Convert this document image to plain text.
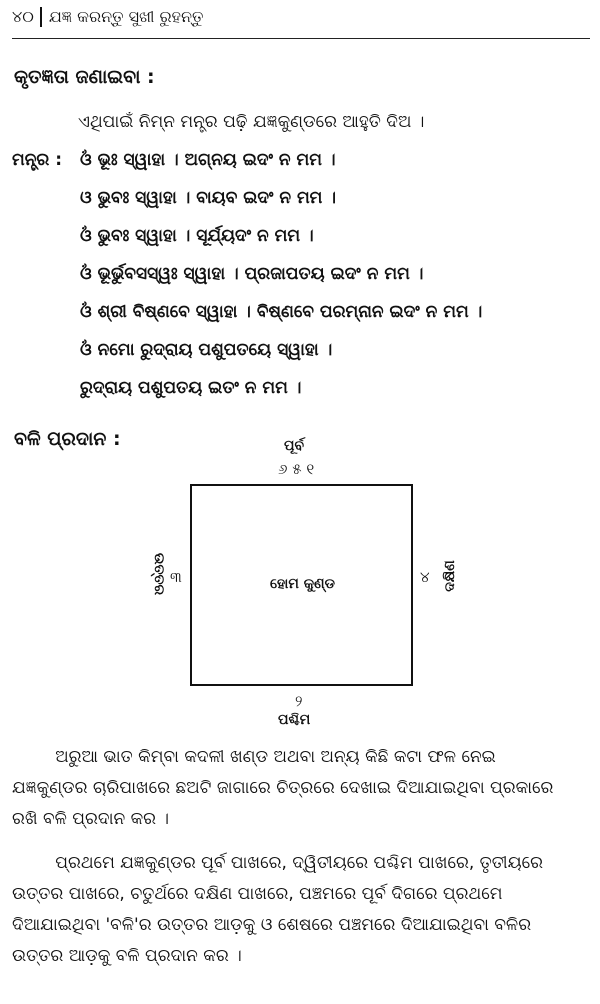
୪୦ ଯଜ୍ଞ କରନ୍ତୁ ସୁଖୀ ରୁହନ୍ତୁ
କୃତଜ୍ଞତା ଜଣାଇବା :
ଏଥିପାଇଁ ନିମ୍ନ ମନ୍ତ୍ର ପଢ଼ି ଯଜ୍ଞକୁଣ୍ଡରେ ଆହୁତି ଦିଅ ।
ମନ୍ତ୍ର : ଓଁ ଭୂଃ ସ୍ୱାହା । ଅଗ୍ନୟ ଇଦଂ ନ ମମ ।
ଓ ଭୁବଃ ସ୍ୱାହା । ବାୟବ ଇଦଂ ନ ମମ ।
ଓଁ ଭୁବଃ ସ୍ୱାହା । ସୂର୍ଯ୍ୟଦଂ ନ ମମ ।
ଓଁ ଭୂର୍ଭୁବସସ୍ୱଃ ସ୍ୱାହା । ପ୍ରଜାପତୟ ଇଦଂ ନ ମମ ।
ଓଁ ଶ୍ରୀ ବିଷ୍ଣବେ ସ୍ୱାହା । ବିଷ୍ଣବେ ପରମ୍ନାନ ଇଦଂ ନ ମମ ।
ଓଁ ନମୋ ରୁଦ୍ରାୟ ପଶୁପତୟେ ସ୍ୱାହା ।
ରୁଦ୍ରାୟ ପଶୁପତୟ ଇତଂ ନ ମମ ।
ବଳି ପ୍ରଦାନ :	ପୂର୍ବ
୬ ୫ ୧
ହୋମ କୁଣ୍ଡ
ଉତ୍ତର ୩	୪ ଦକ୍ଷିଣ
୨
ପଶ୍ଚିମ
ଅରୁଆ ଭାତ କିମ୍ବା କଦଳୀ ଖଣ୍ଡ ଅଥବା ଅନ୍ୟ କିଛି କଟା ଫଳ ନେଇ
ଯଜ୍ଞକୁଣ୍ଡର ଚାରିପାଖରେ ଛଅଟି ଜାଗାରେ ଚିତ୍ରରେ ଦେଖାଇ ଦିଆଯାଇଥିବା ପ୍ରକାରେ
ରଖି ବଳି ପ୍ରଦାନ କର ।
ପ୍ରଥମେ ଯଜ୍ଞକୁଣ୍ଡର ପୂର୍ବ ପାଖରେ, ଦ୍ୱିତୀୟରେ ପଶ୍ଚିମ ପାଖରେ, ତୃତୀୟରେ
ଉତ୍ତର ପାଖରେ, ଚତୁର୍ଥରେ ଦକ୍ଷିଣ ପାଖରେ, ପଞ୍ଚମରେ ପୂର୍ବ ଦିଗରେ ପ୍ରଥମେ
ଦିଆଯାଇଥିବା 'ବଳି'ର ଉତ୍ତର ଆଡ଼କୁ ଓ ଶେଷରେ ପଞ୍ଚମରେ ଦିଆଯାଇଥିବା ବଳିର
ଉତ୍ତର ଆଡ଼କୁ ବଳି ପ୍ରଦାନ କର ।
